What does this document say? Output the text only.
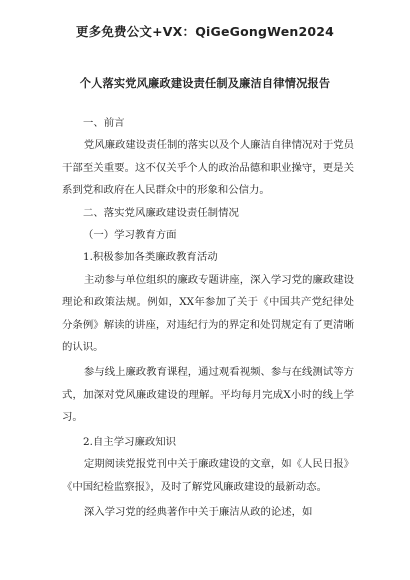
更多免费公文+VX：QiGeGongWen2024
个人落实党风廉政建设责任制及廉洁自律情况报告

一、前言

党风廉政建设责任制的落实以及个人廉洁自律情况对于党员干部至关重要。这不仅关乎个人的政治品德和职业操守，更是关系到党和政府在人民群众中的形象和公信力。

二、落实党风廉政建设责任制情况

（一）学习教育方面

1.积极参加各类廉政教育活动

主动参与单位组织的廉政专题讲座，深入学习党的廉政建设理论和政策法规。例如，XX年参加了关于《中国共产党纪律处分条例》解读的讲座，对违纪行为的界定和处罚规定有了更清晰的认识。

参与线上廉政教育课程，通过观看视频、参与在线测试等方式，加深对党风廉政建设的理解。平均每月完成X小时的线上学习。

2.自主学习廉政知识

定期阅读党报党刊中关于廉政建设的文章，如《人民日报》《中国纪检监察报》，及时了解党风廉政建设的最新动态。

深入学习党的经典著作中关于廉洁从政的论述，如
